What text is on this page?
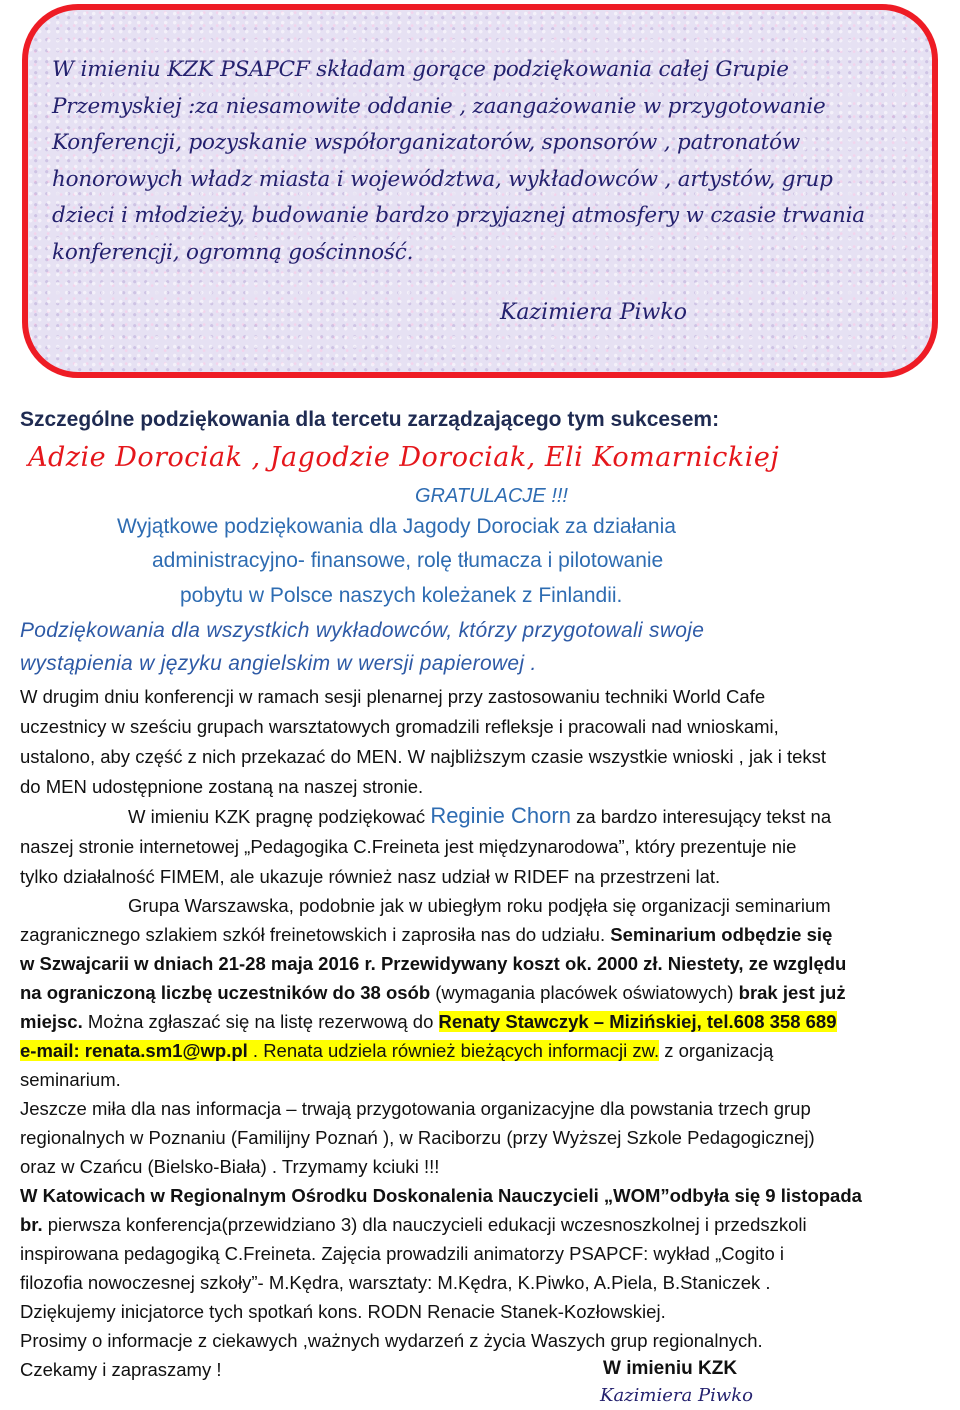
W imieniu KZK PSAPCF składam gorące podziękowania całej Grupie
Przemyskiej :za niesamowite oddanie , zaangażowanie w przygotowanie
Konferencji, pozyskanie współorganizatorów, sponsorów , patronatów
honorowych władz miasta i województwa, wykładowców , artystów, grup
dzieci i młodzieży, budowanie bardzo przyjaznej atmosfery w czasie trwania
konferencji, ogromną gościnność.

Kazimiera Piwko

Szczególne podziękowania dla tercetu zarządzającego tym sukcesem:

Adzie Dorociak , Jagodzie Dorociak, Eli Komarnickiej

GRATULACJE !!!

Wyjątkowe podziękowania dla Jagody Dorociak za działania

administracyjno- finansowe, rolę tłumacza i pilotowanie

pobytu w Polsce naszych koleżanek z Finlandii.

Podziękowania dla wszystkich wykładowców, którzy przygotowali swoje

wystąpienia w języku angielskim w wersji papierowej .

W drugim dniu konferencji w ramach sesji plenarnej przy zastosowaniu techniki World Cafe

uczestnicy w sześciu grupach warsztatowych gromadzili refleksje i pracowali nad wnioskami,

ustalono, aby część z nich przekazać do MEN. W najbliższym czasie wszystkie wnioski , jak i tekst

do MEN udostępnione zostaną na naszej stronie.

W imieniu KZK pragnę podziękować Reginie Chorn za bardzo interesujący tekst na

naszej stronie internetowej „Pedagogika C.Freineta jest międzynarodowa”, który prezentuje nie

tylko działalność FIMEM, ale ukazuje również nasz udział w RIDEF na przestrzeni lat.

Grupa Warszawska, podobnie jak w ubiegłym roku podjęła się organizacji seminarium

zagranicznego szlakiem szkół freinetowskich i zaprosiła nas do udziału. Seminarium odbędzie się

w Szwajcarii w dniach 21-28 maja 2016 r. Przewidywany koszt ok. 2000 zł. Niestety, ze względu

na ograniczoną liczbę uczestników do 38 osób (wymagania placówek oświatowych) brak jest już

miejsc. Można zgłaszać się na listę rezerwową do Renaty Stawczyk – Mizińskiej, tel.608 358 689

e-mail: renata.sm1@wp.pl . Renata udziela również bieżących informacji zw. z organizacją

seminarium.

Jeszcze miła dla nas informacja – trwają przygotowania organizacyjne dla powstania trzech grup

regionalnych w Poznaniu (Familijny Poznań ), w Raciborzu (przy Wyższej Szkole Pedagogicznej)

oraz w Czańcu (Bielsko-Biała) . Trzymamy kciuki !!!

W Katowicach w Regionalnym Ośrodku Doskonalenia Nauczycieli „WOM”odbyła się 9 listopada

br. pierwsza konferencja(przewidziano 3) dla nauczycieli edukacji wczesnoszkolnej i przedszkoli

inspirowana pedagogiką C.Freineta. Zajęcia prowadzili animatorzy PSAPCF: wykład „Cogito i

filozofia nowoczesnej szkoły”- M.Kędra, warsztaty: M.Kędra, K.Piwko, A.Piela, B.Staniczek .

Dziękujemy inicjatorce tych spotkań kons. RODN Renacie Stanek-Kozłowskiej.

Prosimy o informacje z ciekawych ,ważnych wydarzeń z życia Waszych grup regionalnych.

Czekamy i zapraszamy !	W imieniu KZK

Kazimiera Piwko
